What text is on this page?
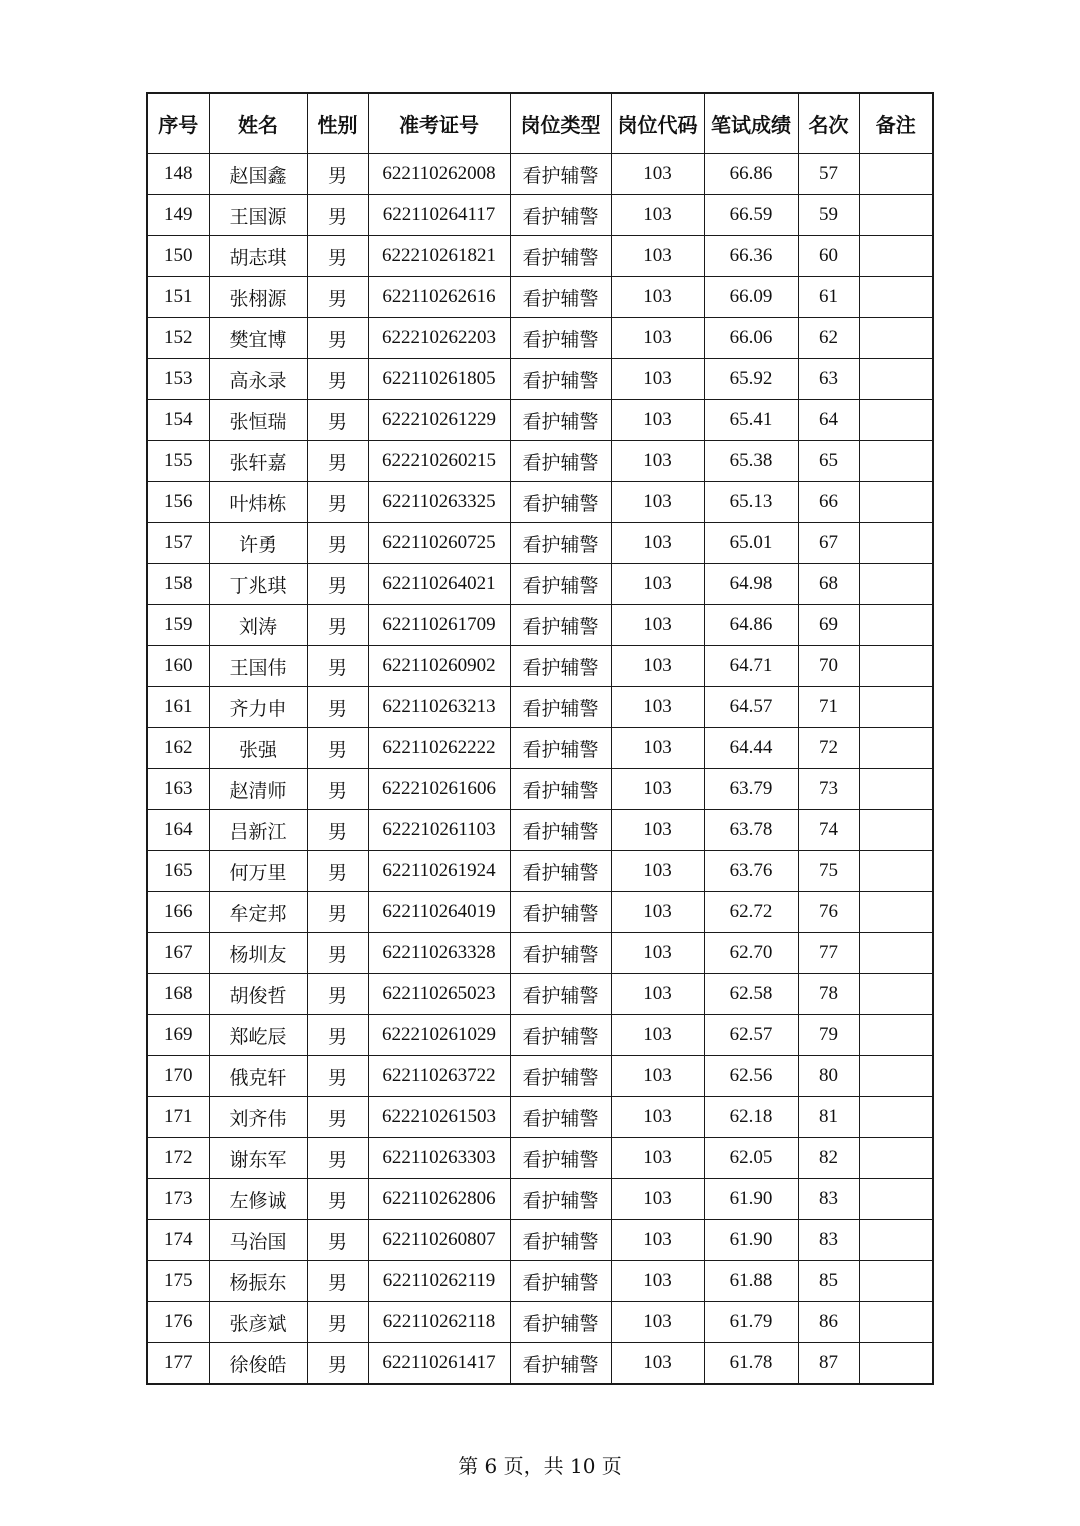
序号	姓名	性别	准考证号	岗位类型	岗位代码	笔试成绩	名次	备注
148	赵国鑫	男	622110262008	看护辅警	103	66.86	57	
149	王国源	男	622110264117	看护辅警	103	66.59	59	
150	胡志琪	男	622210261821	看护辅警	103	66.36	60	
151	张栩源	男	622110262616	看护辅警	103	66.09	61	
152	樊宜博	男	622210262203	看护辅警	103	66.06	62	
153	高永录	男	622110261805	看护辅警	103	65.92	63	
154	张恒瑞	男	622210261229	看护辅警	103	65.41	64	
155	张轩嘉	男	622210260215	看护辅警	103	65.38	65	
156	叶炜栋	男	622110263325	看护辅警	103	65.13	66	
157	许勇	男	622110260725	看护辅警	103	65.01	67	
158	丁兆琪	男	622110264021	看护辅警	103	64.98	68	
159	刘涛	男	622110261709	看护辅警	103	64.86	69	
160	王国伟	男	622110260902	看护辅警	103	64.71	70	
161	齐力申	男	622110263213	看护辅警	103	64.57	71	
162	张强	男	622110262222	看护辅警	103	64.44	72	
163	赵清师	男	622210261606	看护辅警	103	63.79	73	
164	吕新江	男	622210261103	看护辅警	103	63.78	74	
165	何万里	男	622110261924	看护辅警	103	63.76	75	
166	牟定邦	男	622110264019	看护辅警	103	62.72	76	
167	杨圳友	男	622110263328	看护辅警	103	62.70	77	
168	胡俊哲	男	622110265023	看护辅警	103	62.58	78	
169	郑屹辰	男	622210261029	看护辅警	103	62.57	79	
170	俄克轩	男	622110263722	看护辅警	103	62.56	80	
171	刘齐伟	男	622210261503	看护辅警	103	62.18	81	
172	谢东军	男	622110263303	看护辅警	103	62.05	82	
173	左修诚	男	622110262806	看护辅警	103	61.90	83	
174	马治国	男	622110260807	看护辅警	103	61.90	83	
175	杨振东	男	622110262119	看护辅警	103	61.88	85	
176	张彦斌	男	622110262118	看护辅警	103	61.79	86	
177	徐俊皓	男	622110261417	看护辅警	103	61.78	87	
第 6 页，共 10 页
